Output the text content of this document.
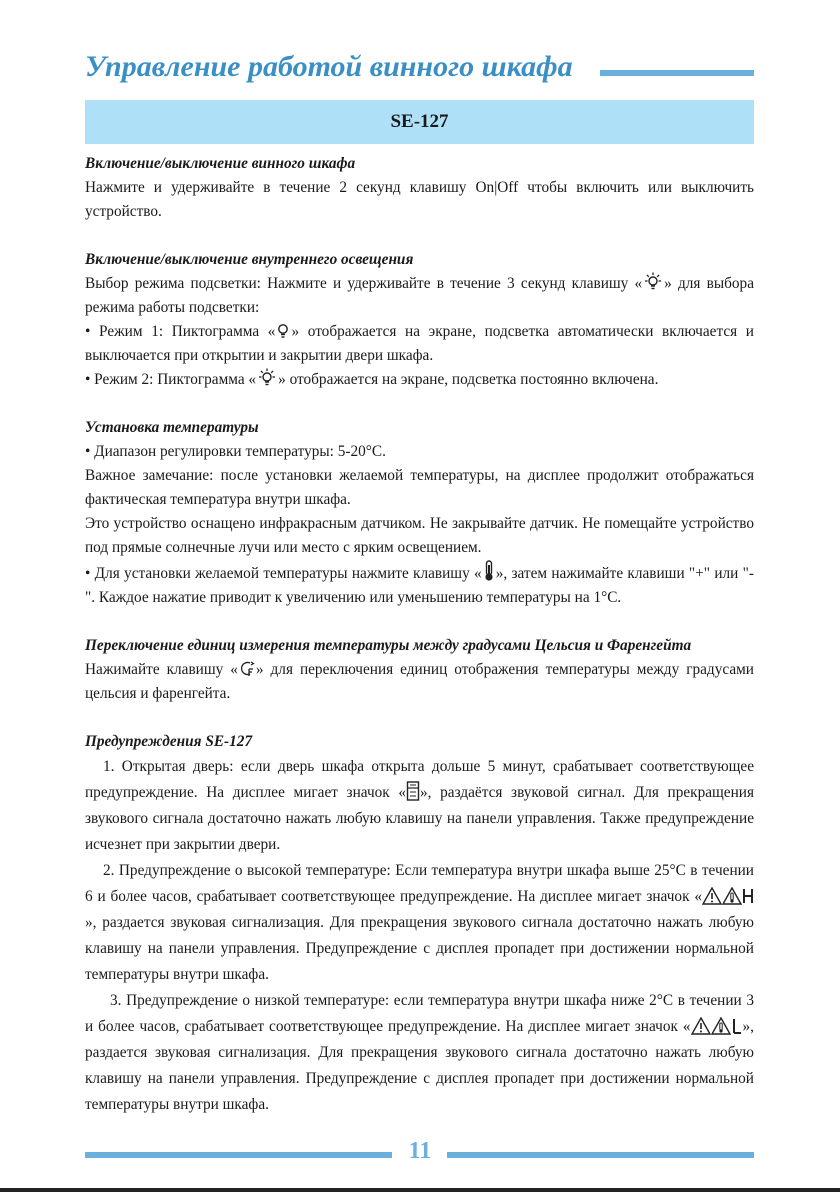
Управление работой винного шкафа
SE-127

Включение/выключение винного шкафа

Нажмите и удерживайте в течение 2 секунд клавишу On|Off чтобы включить или выключить устройство.

Включение/выключение внутреннего освещения

Выбор режима подсветки: Нажмите и удерживайте в течение 3 секунд клавишу « » для выбора режима работы подсветки:

• Режим 1: Пиктограмма « » отображается на экране, подсветка автоматически включается и выключается при открытии и закрытии двери шкафа.

• Режим 2: Пиктограмма « » отображается на экране, подсветка постоянно включена.

Установка температуры

• Диапазон регулировки температуры: 5-20°С.

Важное замечание: после установки желаемой температуры, на дисплее продолжит отображаться фактическая температура внутри шкафа.

Это устройство оснащено инфракрасным датчиком. Не закрывайте датчик. Не помещайте устройство под прямые солнечные лучи или место с ярким освещением.

• Для установки желаемой температуры нажмите клавишу « », затем нажимайте клавиши "+" или "-". Каждое нажатие приводит к увеличению или уменьшению температуры на 1°С.

Переключение единиц измерения температуры между градусами Цельсия и Фаренгейта

Нажимайте клавишу « » для переключения единиц отображения температуры между градусами цельсия и фаренгейта.

Предупреждения SE-127

1. Открытая дверь: если дверь шкафа открыта дольше 5 минут, срабатывает соответствующее предупреждение. На дисплее мигает значок « », раздаётся звуковой сигнал. Для прекращения звукового сигнала достаточно нажать любую клавишу на панели управления. Также предупреждение исчезнет при закрытии двери.

2. Предупреждение о высокой температуре: Если температура внутри шкафа выше 25°С в течении 6 и более часов, срабатывает соответствующее предупреждение. На дисплее мигает значок «», раздается звуковая сигнализация. Для прекращения звукового сигнала достаточно нажать любую клавишу на панели управления. Предупреждение с дисплея пропадет при достижении нормальной температуры внутри шкафа.

3. Предупреждение о низкой температуре: если температура внутри шкафа ниже 2°С в течении 3 и более часов, срабатывает соответствующее предупреждение. На дисплее мигает значок «	», раздается звуковая сигнализация. Для прекращения звукового сигнала достаточно нажать любую клавишу на панели управления. Предупреждение с дисплея пропадет при достижении нормальной температуры внутри шкафа.

11
